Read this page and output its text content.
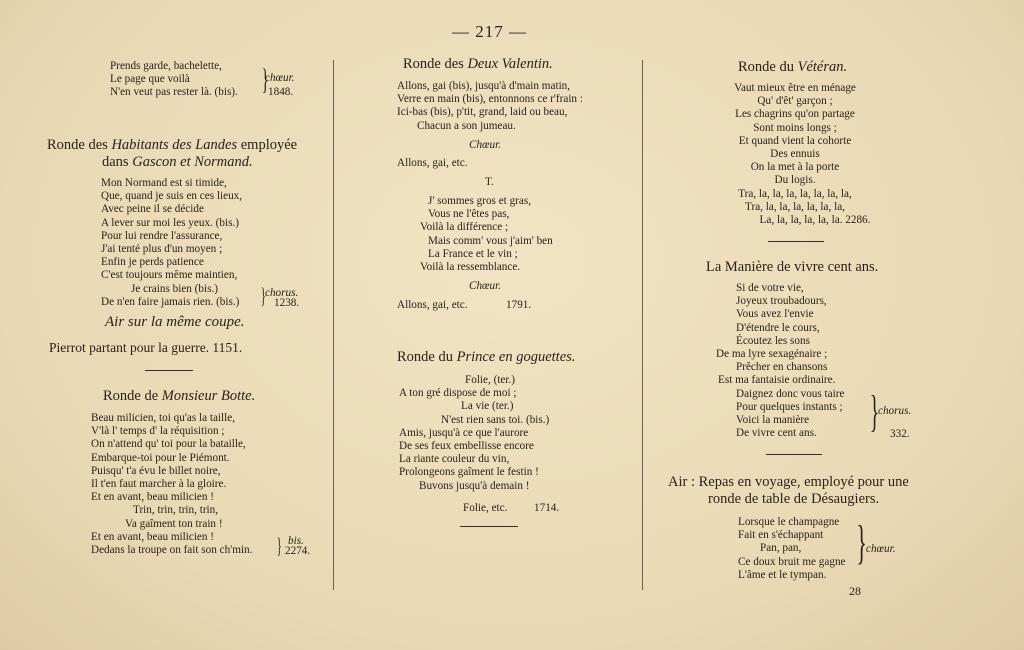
— 217 —
Prends garde, bachelette,
Le page que voilà
N'en veut pas rester là. (bis). }
chœur.
1848.
Ronde des Habitants des Landes employée
dans Gascon et Normand.
Mon Normand est si timide,
Que, quand je suis en ces lieux,
Avec peine il se décide
A lever sur moi les yeux. (bis.)
Pour lui rendre l'assurance,
J'ai tenté plus d'un moyen ;
Enfin je perds patience
C'est toujours même maintien,
Je crains bien (bis.)
De n'en faire jamais rien. (bis.) } chorus.
1238.
Air sur la même coupe.
Pierrot partant pour la guerre. 1151.
Ronde de Monsieur Botte.
Beau milicien, toi qu'as la taille,
V'là l' temps d' la réquisition ;
On n'attend qu' toi pour la bataille,
Embarque-toi pour le Piémont.
Puisqu' t'a évu le billet noire,
Il t'en faut marcher à la gloire.
Et en avant, beau milicien !
Trin, trin, trin, trin,
Va gaîment ton train !
Et en avant, beau milicien !
Dedans la troupe on fait son ch'min.	} bis.
2274.
Ronde des Deux Valentin.
Allons, gai (bis), jusqu'à d'main matin,
Verre en main (bis), entonnons ce r'frain :
Ici-bas (bis), p'tit, grand, laid ou beau,
Chacun a son jumeau.
Chœur.
Allons, gai, etc.
T.
J' sommes gros et gras,
Vous ne l'êtes pas,
Voilà la différence ;
Mais comm' vous j'aim' ben
La France et le vin ;
Voilà la ressemblance.
Chœur.
Allons, gai, etc.	1791.
Ronde du Prince en goguettes.
Folie, (ter.)
A ton gré dispose de moi ;
La vie (ter.)
N'est rien sans toi. (bis.)
Amis, jusqu'à ce que l'aurore
De ses feux embellisse encore
La riante couleur du vin,
Prolongeons gaîment le festin !
Buvons jusqu'à demain !
Folie, etc. 1714.
Ronde du Vétéran.
Vaut mieux être en ménage
Qu' d'êt' garçon ;
Les chagrins qu'on partage
Sont moins longs ;
Et quand vient la cohorte
Des ennuis
On la met à la porte
Du logis.
Tra, la, la, la, la, la, la, la,
Tra, la, la, la, la, la, la,
La, la, la, la, la, la. 2286.
La Manière de vivre cent ans.
Si de votre vie,
Joyeux troubadours,
Vous avez l'envie
D'étendre le cours,
Écoutez les sons
De ma lyre sexagénaire ;
Prêcher en chansons
Est ma fantaisie ordinaire.
Daignez donc vous taire
Pour quelques instants ;
Voici la manière
De vivre cent ans.	}
chorus.
332.
Air : Repas en voyage, employé pour une
ronde de table de Désaugiers.
Lorsque le champagne
Fait en s'échappant
Pan, pan,
Ce doux bruit me gagne
L'âme et le tympan.
} chœur.
28
